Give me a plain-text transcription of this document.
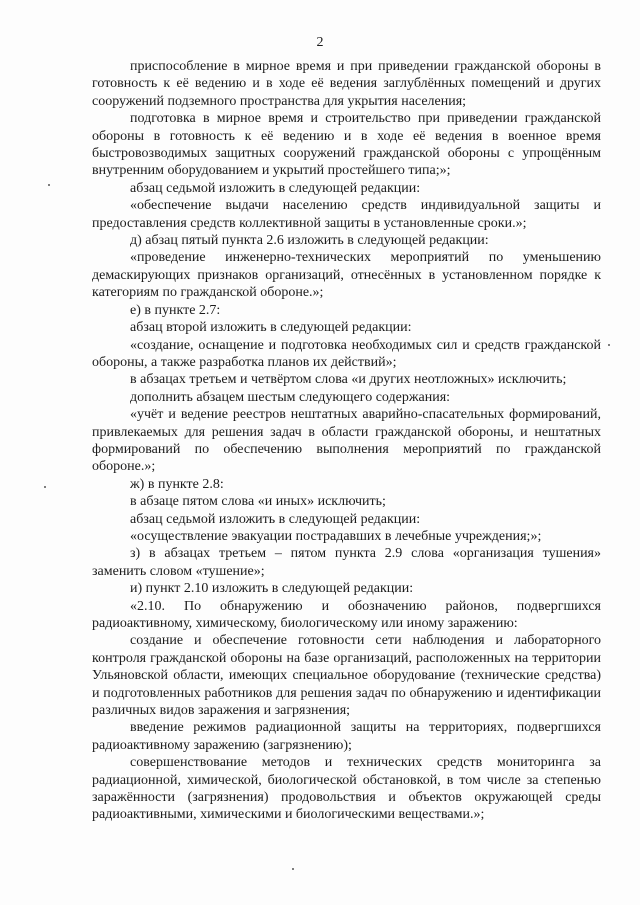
2

приспособление в мирное время и при приведении гражданской обороны в готовность к её ведению и в ходе её ведения заглублённых помещений и других сооружений подземного пространства для укрытия населения;

подготовка в мирное время и строительство при приведении гражданской обороны в готовность к её ведению и в ходе её ведения в военное время быстровозводимых защитных сооружений гражданской обороны с упрощённым внутренним оборудованием и укрытий простейшего типа;»;

абзац седьмой изложить в следующей редакции:

«обеспечение выдачи населению средств индивидуальной защиты и предоставления средств коллективной защиты в установленные сроки.»;

д) абзац пятый пункта 2.6 изложить в следующей редакции:

«проведение инженерно-технических мероприятий по уменьшению демаскирующих признаков организаций, отнесённых в установленном порядке к категориям по гражданской обороне.»;

е) в пункте 2.7:

абзац второй изложить в следующей редакции:

«создание, оснащение и подготовка необходимых сил и средств гражданской обороны, а также разработка планов их действий»;

в абзацах третьем и четвёртом слова «и других неотложных» исключить;

дополнить абзацем шестым следующего содержания:

«учёт и ведение реестров нештатных аварийно-спасательных формирований, привлекаемых для решения задач в области гражданской обороны, и нештатных формирований по обеспечению выполнения мероприятий по гражданской обороне.»;

ж) в пункте 2.8:

в абзаце пятом слова «и иных» исключить;

абзац седьмой изложить в следующей редакции:

«осуществление эвакуации пострадавших в лечебные учреждения;»;

з) в абзацах третьем – пятом пункта 2.9 слова «организация тушения» заменить словом «тушение»;

и) пункт 2.10 изложить в следующей редакции:

«2.10. По обнаружению и обозначению районов, подвергшихся радиоактивному, химическому, биологическому или иному заражению:

создание и обеспечение готовности сети наблюдения и лабораторного контроля гражданской обороны на базе организаций, расположенных на территории Ульяновской области, имеющих специальное оборудование (технические средства) и подготовленных работников для решения задач по обнаружению и идентификации различных видов заражения и загрязнения;

введение режимов радиационной защиты на территориях, подвергшихся радиоактивному заражению (загрязнению);

совершенствование методов и технических средств мониторинга за радиационной, химической, биологической обстановкой, в том числе за степенью заражённости (загрязнения) продовольствия и объектов окружающей среды радиоактивными, химическими и биологическими веществами.»;
